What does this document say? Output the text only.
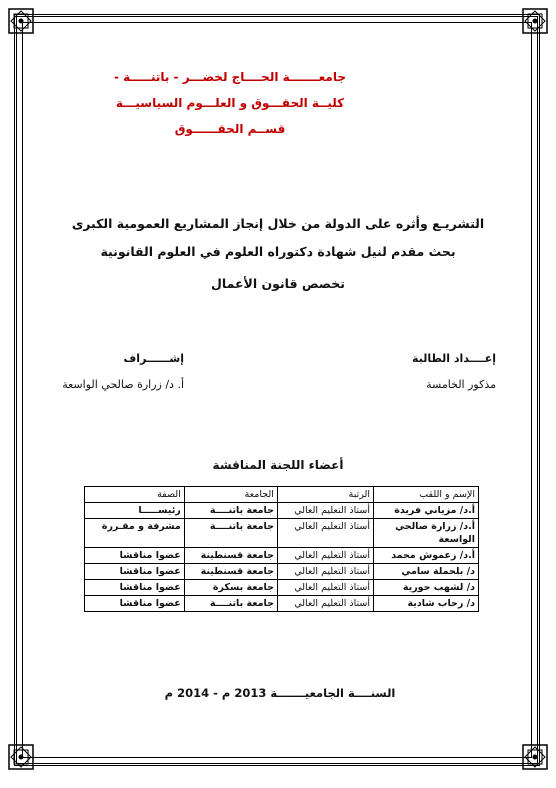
جامعـــــــة الحــــاج لخضـــر - باتنـــــة -
كليــة الحقـــوق و العلـــوم السياسيـــة
قســم الحقــــــوق
التشريـع وأثره على الدولة من خلال إنجاز المشاريع العمومية الكبرى
بحث مقدم لنيل شهادة دكتوراه العلوم في العلوم القانونية
تخصص قانون الأعمال
إعــــداد الطالبة
مذكور الخامسة
إشــــــراف
أ. د/ زرارة صالحي الواسعة
أعضاء اللجنة المناقشة
الإسم و اللقب	الرتبة	الجامعة	الصفة
أ.د/ مزياني فريدة	أستاذ التعليم العالي	جامعة باتنــــة	رئيســـــا
أ.د/ زرارة صالحي الواسعة	أستاذ التعليم العالي	جامعة باتنــــة	مشرفة و مقـررة
أ.د/ زعموش محمد	أستاذ التعليم العالي	جامعة قسنطينة	عضوا مناقشا
د/ بلحملة سامي	أستاذ التعليم العالي	جامعة قسنطينة	عضوا مناقشا
د/ لشهب حورية	أستاذ التعليم العالي	جامعة بسكرة	عضوا مناقشا
د/ رحاب شادية	أستاذ التعليم العالي	جامعة باتنــــة	عضوا مناقشا
السنــــة الجامعيـــــــة 2013 م - 2014 م
